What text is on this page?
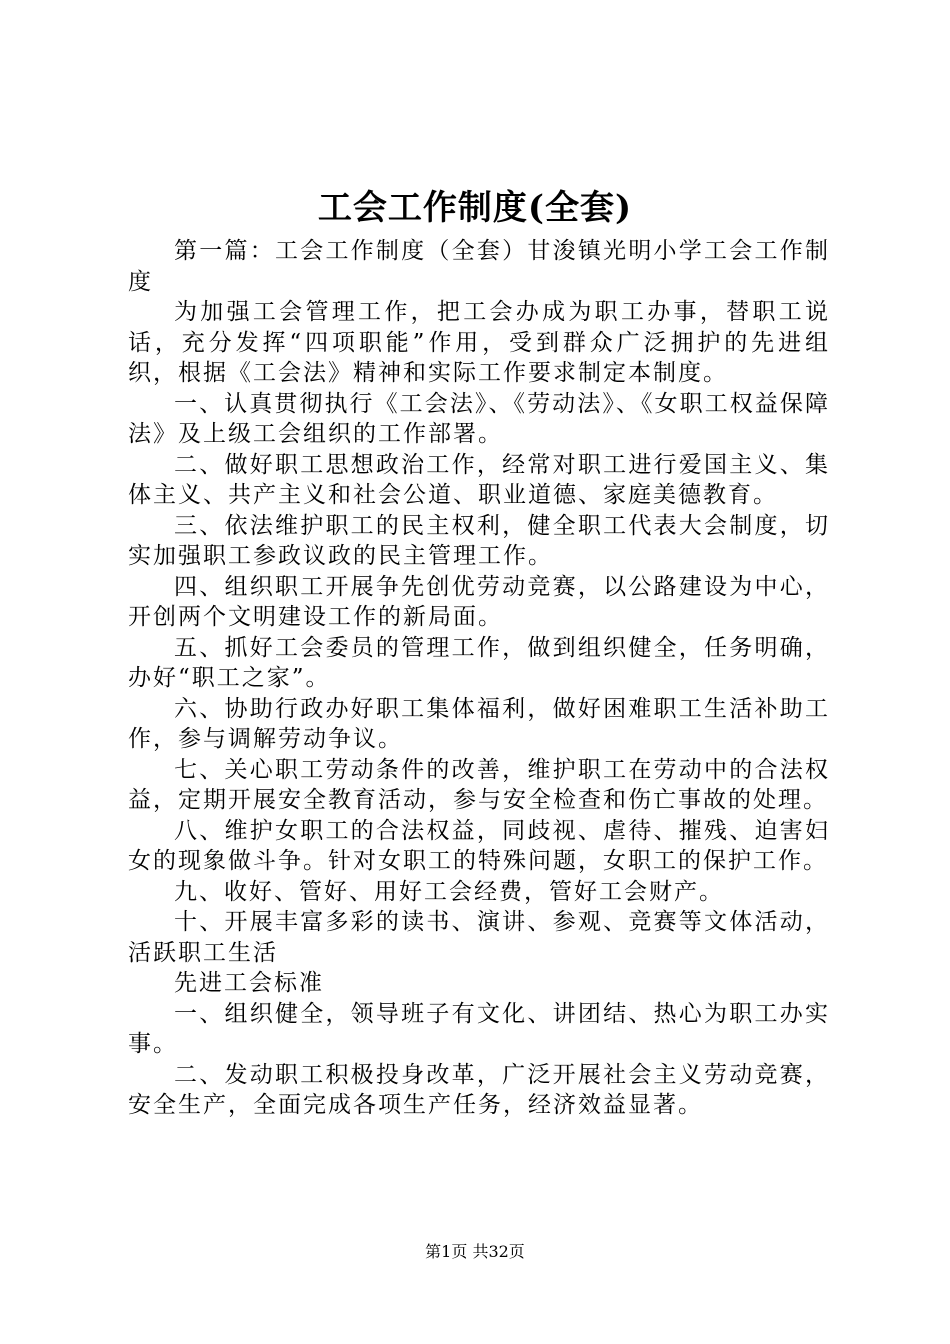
工会工作制度(全套)

第一篇：工会工作制度（全套）甘浚镇光明小学工会工作制度

为加强工会管理工作，把工会办成为职工办事，替职工说话，充分发挥“四项职能”作用，受到群众广泛拥护的先进组织，根据《工会法》精神和实际工作要求制定本制度。

一、认真贯彻执行《工会法》、《劳动法》、《女职工权益保障法》及上级工会组织的工作部署。

二、做好职工思想政治工作，经常对职工进行爱国主义、集体主义、共产主义和社会公道、职业道德、家庭美德教育。

三、依法维护职工的民主权利，健全职工代表大会制度，切实加强职工参政议政的民主管理工作。

四、组织职工开展争先创优劳动竞赛，以公路建设为中心，开创两个文明建设工作的新局面。

五、抓好工会委员的管理工作，做到组织健全，任务明确，办好“职工之家”。

六、协助行政办好职工集体福利，做好困难职工生活补助工作，参与调解劳动争议。

七、关心职工劳动条件的改善，维护职工在劳动中的合法权益，定期开展安全教育活动，参与安全检查和伤亡事故的处理。

八、维护女职工的合法权益，同歧视、虐待、摧残、迫害妇女的现象做斗争。针对女职工的特殊问题，女职工的保护工作。

九、收好、管好、用好工会经费，管好工会财产。

十、开展丰富多彩的读书、演讲、参观、竞赛等文体活动，活跃职工生活

先进工会标准

一、组织健全，领导班子有文化、讲团结、热心为职工办实事。

二、发动职工积极投身改革，广泛开展社会主义劳动竞赛，安全生产，全面完成各项生产任务，经济效益显著。

第1页 共32页
